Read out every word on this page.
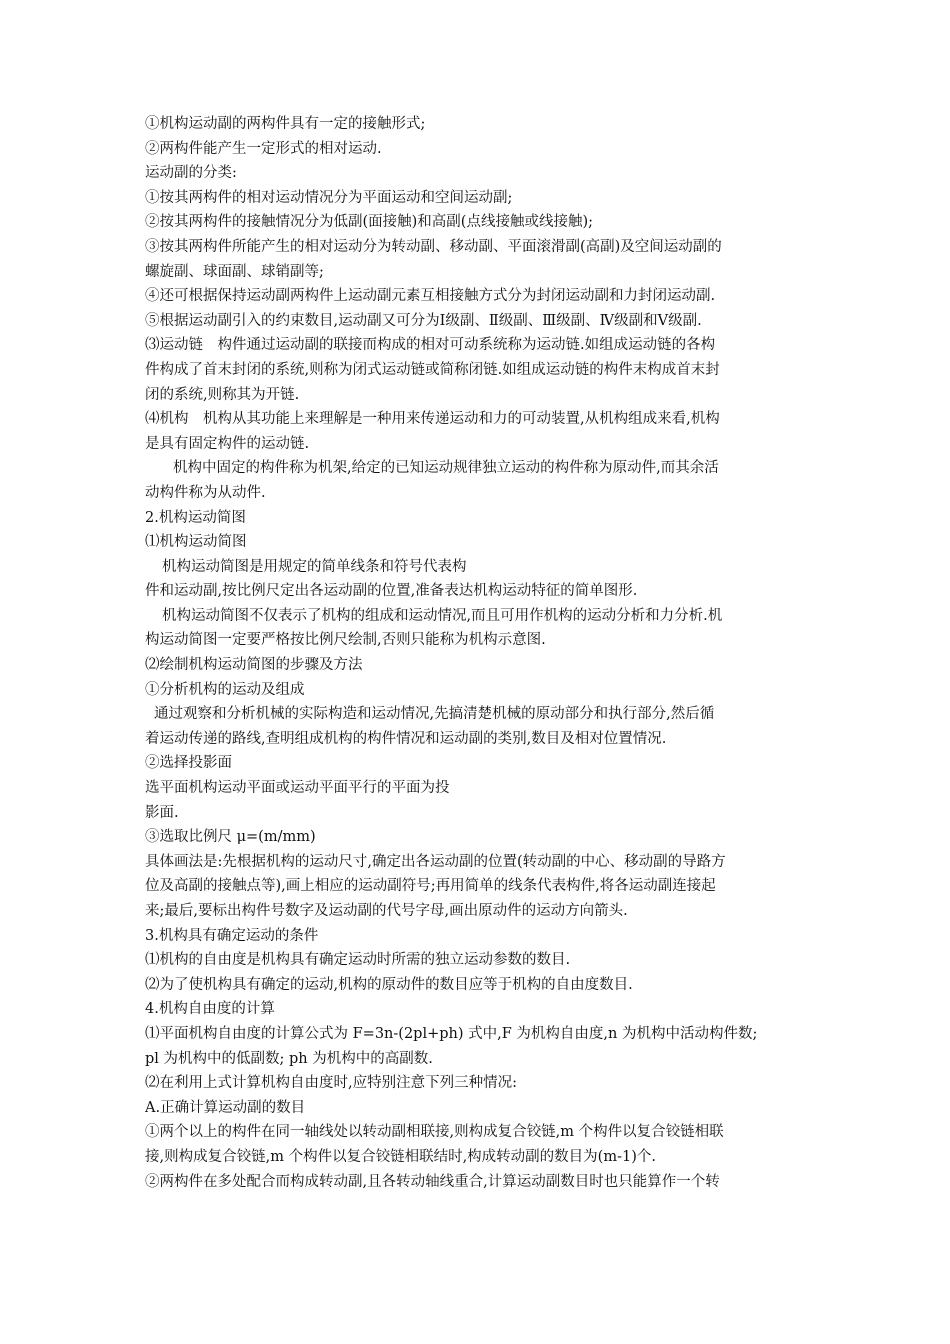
①机构运动副的两构件具有一定的接触形式;
②两构件能产生一定形式的相对运动.
运动副的分类:
①按其两构件的相对运动情况分为平面运动和空间运动副;
②按其两构件的接触情况分为低副(面接触)和高副(点线接触或线接触);
③按其两构件所能产生的相对运动分为转动副、移动副、平面滚滑副(高副)及空间运动副的
螺旋副、球面副、球销副等;
④还可根据保持运动副两构件上运动副元素互相接触方式分为封闭运动副和力封闭运动副.
⑤根据运动副引入的约束数目,运动副又可分为Ⅰ级副、Ⅱ级副、Ⅲ级副、Ⅳ级副和Ⅴ级副.
⑶运动链　构件通过运动副的联接而构成的相对可动系统称为运动链.如组成运动链的各构
件构成了首末封闭的系统,则称为闭式运动链或简称闭链.如组成运动链的构件末构成首末封
闭的系统,则称其为开链.
⑷机构　机构从其功能上来理解是一种用来传递运动和力的可动装置,从机构组成来看,机构
是具有固定构件的运动链.
机构中固定的构件称为机架,给定的已知运动规律独立运动的构件称为原动件,而其余活
动构件称为从动件.
2.机构运动简图
⑴机构运动简图
机构运动简图是用规定的简单线条和符号代表构
件和运动副,按比例尺定出各运动副的位置,准备表达机构运动特征的简单图形.
机构运动简图不仅表示了机构的组成和运动情况,而且可用作机构的运动分析和力分析.机
构运动简图一定要严格按比例尺绘制,否则只能称为机构示意图.
⑵绘制机构运动简图的步骤及方法
①分析机构的运动及组成
通过观察和分析机械的实际构造和运动情况,先搞清楚机械的原动部分和执行部分,然后循
着运动传递的路线,查明组成机构的构件情况和运动副的类别,数目及相对位置情况.
②选择投影面
选平面机构运动平面或运动平面平行的平面为投
影面.
③选取比例尺 μ=(m/mm)
具体画法是:先根据机构的运动尺寸,确定出各运动副的位置(转动副的中心、移动副的导路方
位及高副的接触点等),画上相应的运动副符号;再用简单的线条代表构件,将各运动副连接起
来;最后,要标出构件号数字及运动副的代号字母,画出原动件的运动方向箭头.
3.机构具有确定运动的条件
⑴机构的自由度是机构具有确定运动时所需的独立运动参数的数目.
⑵为了使机构具有确定的运动,机构的原动件的数目应等于机构的自由度数目.
4.机构自由度的计算
⑴平面机构自由度的计算公式为 F=3n-(2pl+ph) 式中,F 为机构自由度,n 为机构中活动构件数;
pl 为机构中的低副数; ph 为机构中的高副数.
⑵在利用上式计算机构自由度时,应特别注意下列三种情况:
A.正确计算运动副的数目
①两个以上的构件在同一轴线处以转动副相联接,则构成复合铰链,m 个构件以复合铰链相联
接,则构成复合铰链,m 个构件以复合铰链相联结时,构成转动副的数目为(m-1)个.
②两构件在多处配合而构成转动副,且各转动轴线重合,计算运动副数目时也只能算作一个转
